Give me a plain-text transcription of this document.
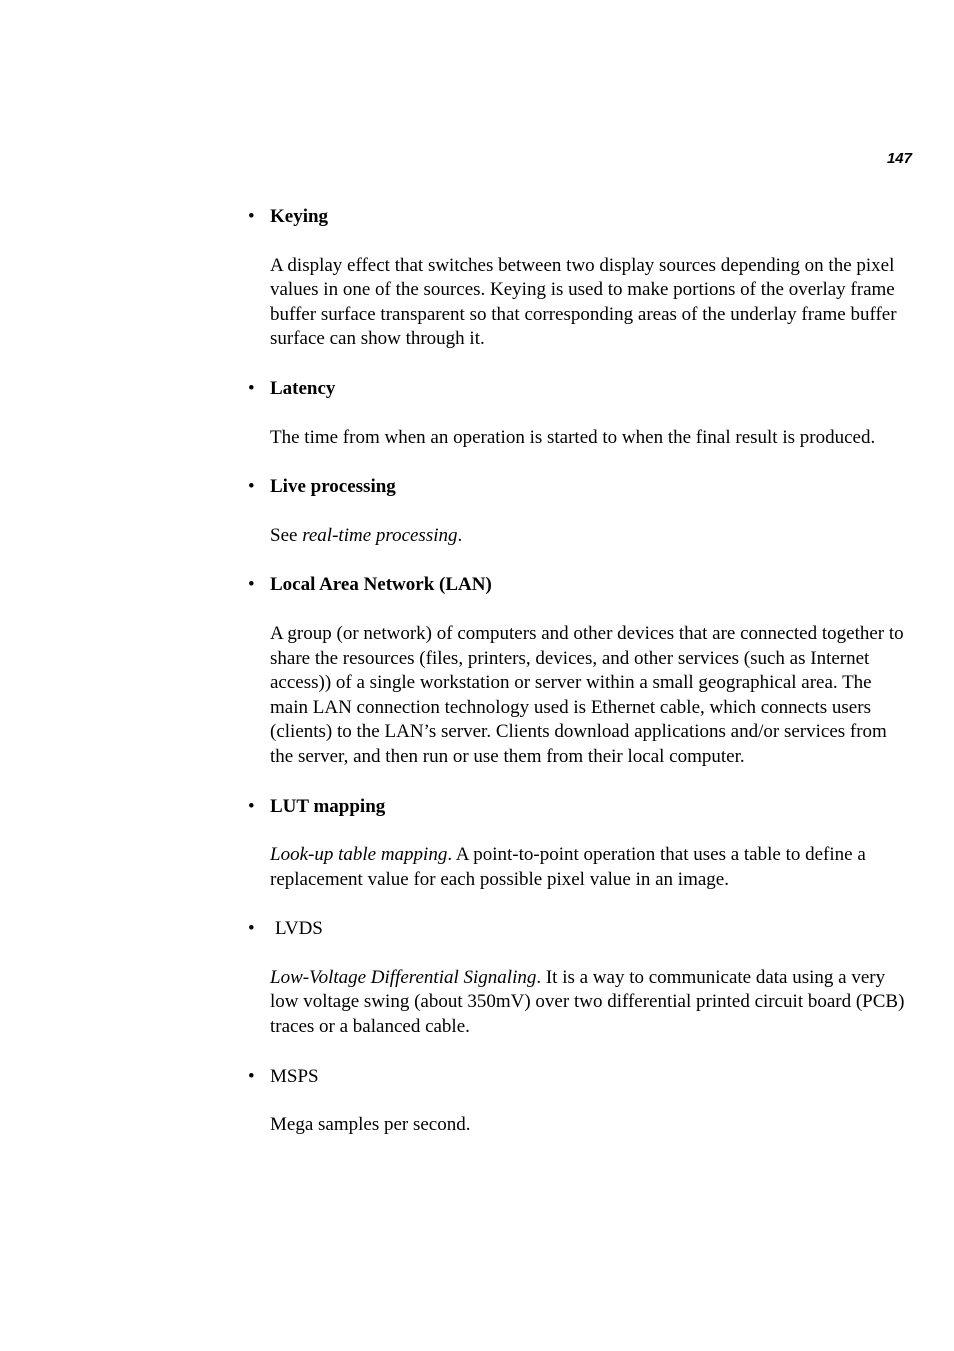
147
• Keying

A display effect that switches between two display sources depending on the pixel values in one of the sources. Keying is used to make portions of the overlay frame buffer surface transparent so that corresponding areas of the underlay frame buffer surface can show through it.

• Latency

The time from when an operation is started to when the final result is produced.

• Live processing

See real-time processing.

• Local Area Network (LAN)

A group (or network) of computers and other devices that are connected together to share the resources (files, printers, devices, and other services (such as Internet access)) of a single workstation or server within a small geographical area. The main LAN connection technology used is Ethernet cable, which connects users (clients) to the LAN’s server. Clients download applications and/or services from the server, and then run or use them from their local computer.

• LUT mapping

Look-up table mapping. A point-to-point operation that uses a table to define a replacement value for each possible pixel value in an image.

• LVDS

Low-Voltage Differential Signaling. It is a way to communicate data using a very low voltage swing (about 350mV) over two differential printed circuit board (PCB) traces or a balanced cable.

• MSPS

Mega samples per second.
